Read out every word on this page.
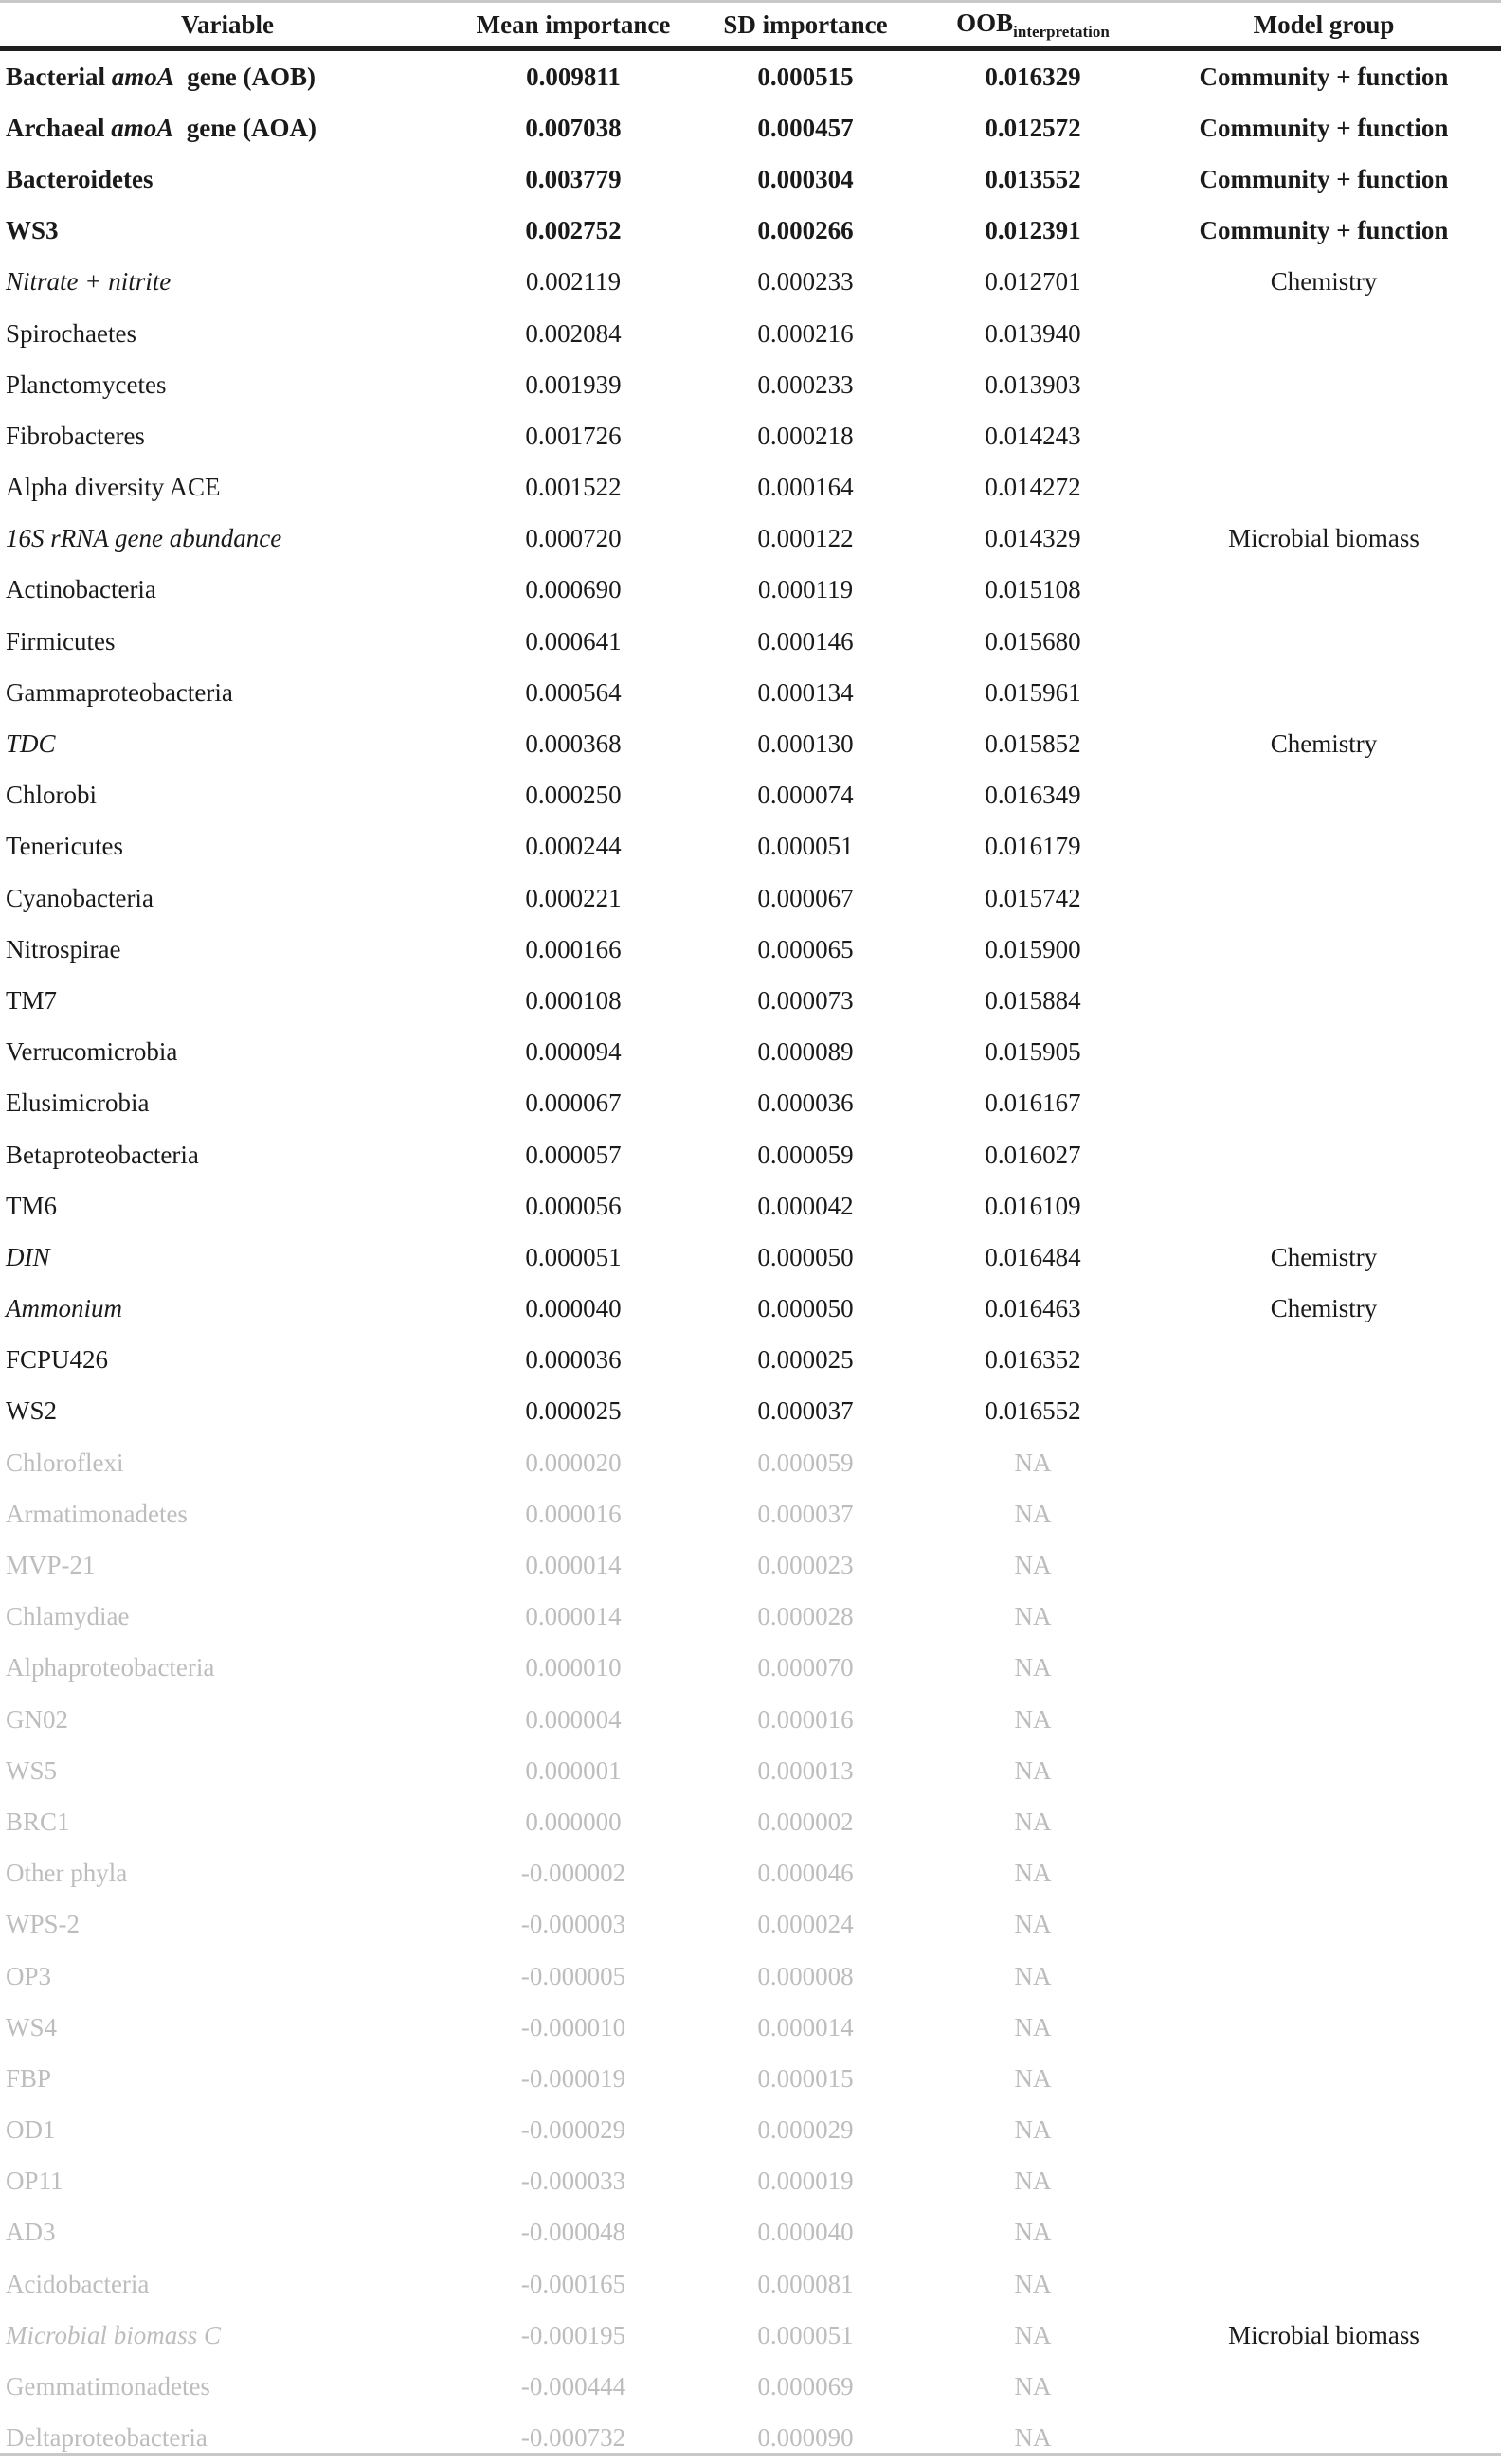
Variable	Mean importance	SD importance	$OOB_{interpretation}$	Model group
Bacterial amoA  gene (AOB)	0.009811	0.000515	0.016329	Community + function
Archaeal amoA  gene (AOA)	0.007038	0.000457	0.012572	Community + function
Bacteroidetes	0.003779	0.000304	0.013552	Community + function
WS3	0.002752	0.000266	0.012391	Community + function
Nitrate + nitrite	0.002119	0.000233	0.012701	Chemistry
Spirochaetes	0.002084	0.000216	0.013940	
Planctomycetes	0.001939	0.000233	0.013903	
Fibrobacteres	0.001726	0.000218	0.014243	
Alpha diversity ACE	0.001522	0.000164	0.014272	
16S rRNA gene abundance	0.000720	0.000122	0.014329	Microbial biomass
Actinobacteria	0.000690	0.000119	0.015108	
Firmicutes	0.000641	0.000146	0.015680	
Gammaproteobacteria	0.000564	0.000134	0.015961	
TDC	0.000368	0.000130	0.015852	Chemistry
Chlorobi	0.000250	0.000074	0.016349	
Tenericutes	0.000244	0.000051	0.016179	
Cyanobacteria	0.000221	0.000067	0.015742	
Nitrospirae	0.000166	0.000065	0.015900	
TM7	0.000108	0.000073	0.015884	
Verrucomicrobia	0.000094	0.000089	0.015905	
Elusimicrobia	0.000067	0.000036	0.016167	
Betaproteobacteria	0.000057	0.000059	0.016027	
TM6	0.000056	0.000042	0.016109	
DIN	0.000051	0.000050	0.016484	Chemistry
Ammonium	0.000040	0.000050	0.016463	Chemistry
FCPU426	0.000036	0.000025	0.016352	
WS2	0.000025	0.000037	0.016552	
Chloroflexi	0.000020	0.000059	NA	
Armatimonadetes	0.000016	0.000037	NA	
MVP-21	0.000014	0.000023	NA	
Chlamydiae	0.000014	0.000028	NA	
Alphaproteobacteria	0.000010	0.000070	NA	
GN02	0.000004	0.000016	NA	
WS5	0.000001	0.000013	NA	
BRC1	0.000000	0.000002	NA	
Other phyla	-0.000002	0.000046	NA	
WPS-2	-0.000003	0.000024	NA	
OP3	-0.000005	0.000008	NA	
WS4	-0.000010	0.000014	NA	
FBP	-0.000019	0.000015	NA	
OD1	-0.000029	0.000029	NA	
OP11	-0.000033	0.000019	NA	
AD3	-0.000048	0.000040	NA	
Acidobacteria	-0.000165	0.000081	NA	
Microbial biomass C	-0.000195	0.000051	NA	Microbial biomass
Gemmatimonadetes	-0.000444	0.000069	NA	
Deltaproteobacteria	-0.000732	0.000090	NA	
